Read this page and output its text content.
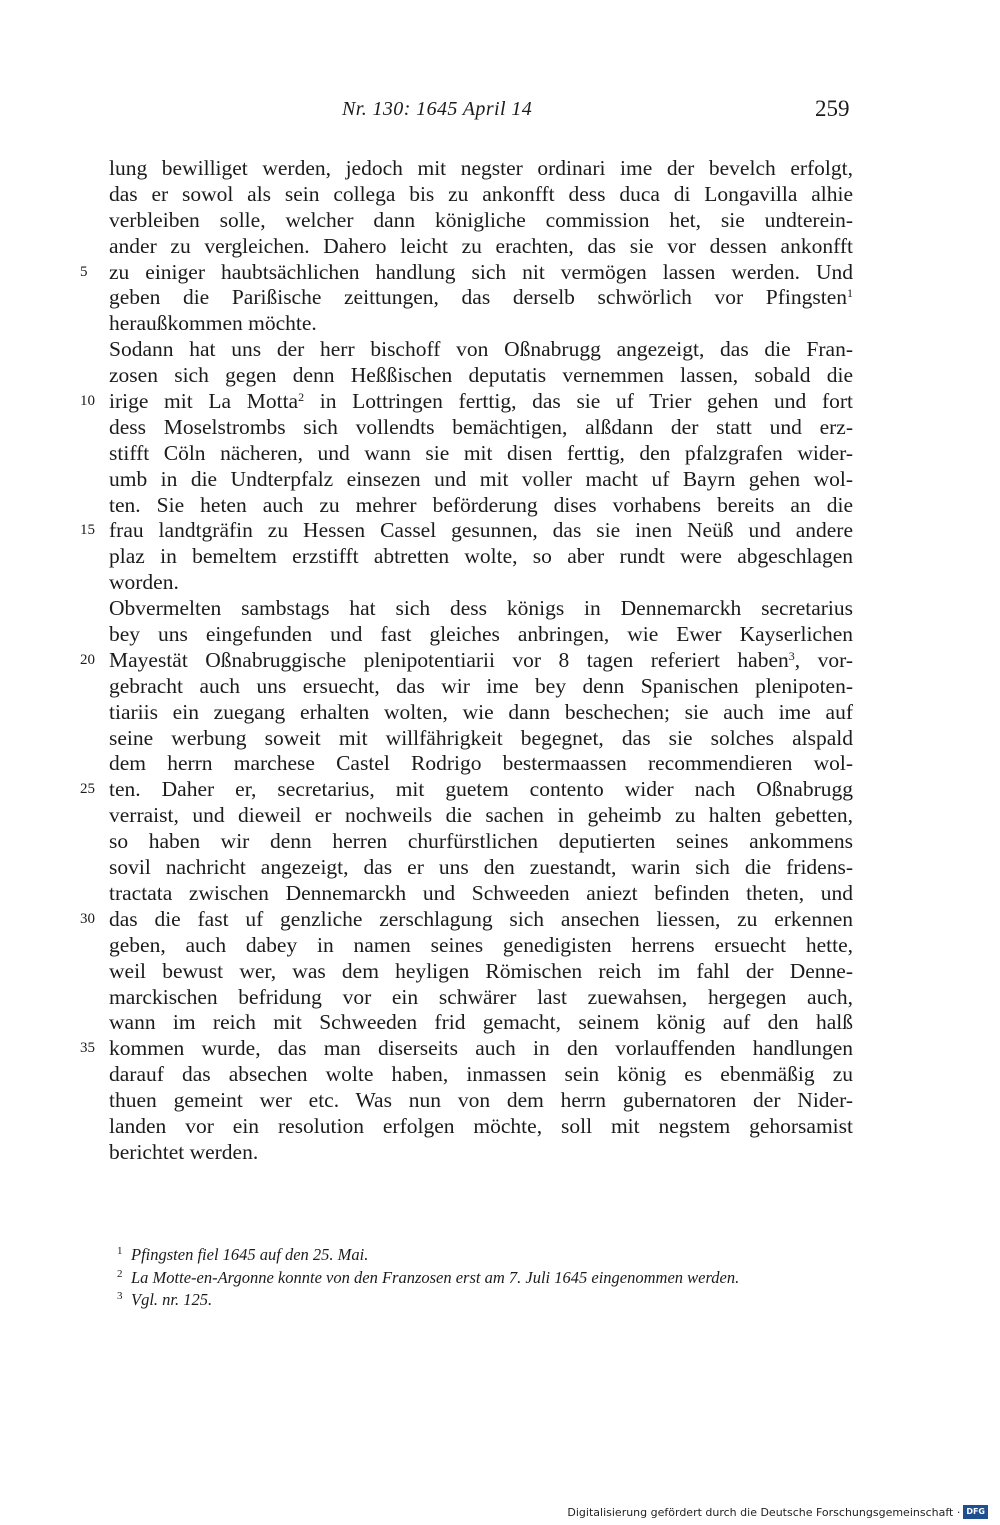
Nr. 130: 1645 April 14	259
lung bewilliget werden, jedoch mit negster ordinari ime der bevelch erfolgt,
das er sowol als sein collega bis zu ankonfft dess duca di Longavilla alhie
verbleiben solle, welcher dann königliche commission het, sie undterein-
ander zu vergleichen. Dahero leicht zu erachten, das sie vor dessen ankonfft
5	zu einiger haubtsächlichen handlung sich nit vermögen lassen werden. Und
geben die Parißische zeittungen, das derselb schwörlich vor Pfingsten$^1$
heraußkommen möchte.
Sodann hat uns der herr bischoff von Oßnabrugg angezeigt, das die Fran-
zosen sich gegen denn Heßßischen deputatis vernemmen lassen, sobald die
10 irige mit La Motta$^2$ in Lottringen ferttig, das sie uf Trier gehen und fort
dess Moselstrombs sich vollendts bemächtigen, alßdann der statt und erz-
stifft Cöln nächeren, und wann sie mit disen ferttig, den pfalzgrafen wider-
umb in die Undterpfalz einsezen und mit voller macht uf Bayrn gehen wol-
ten. Sie heten auch zu mehrer beförderung dises vorhabens bereits an die
15 frau landtgräfin zu Hessen Cassel gesunnen, das sie inen Neüß und andere
plaz in bemeltem erzstifft abtretten wolte, so aber rundt were abgeschlagen
worden.
Obvermelten sambstags hat sich dess königs in Dennemarckh secretarius
bey uns eingefunden und fast gleiches anbringen, wie Ewer Kayserlichen
20 Mayestät Oßnabruggische plenipotentiarii vor 8 tagen referiert haben$^3$, vor-
gebracht auch uns ersuecht, das wir ime bey denn Spanischen plenipoten-
tiariis ein zuegang erhalten wolten, wie dann beschechen; sie auch ime auf
seine werbung soweit mit willfährigkeit begegnet, das sie solches alspald
dem herrn marchese Castel Rodrigo bestermaassen recommendieren wol-
25 ten. Daher er, secretarius, mit guetem contento wider nach Oßnabrugg
verraist, und dieweil er nochweils die sachen in geheimb zu halten gebetten,
so haben wir denn herren churfürstlichen deputierten seines ankommens
sovil nachricht angezeigt, das er uns den zuestandt, warin sich die fridens-
tractata zwischen Dennemarckh und Schweeden aniezt befinden theten, und
30 das die fast uf genzliche zerschlagung sich ansechen liessen, zu erkennen
geben, auch dabey in namen seines genedigisten herrens ersuecht hette,
weil bewust wer, was dem heyligen Römischen reich im fahl der Denne-
marckischen befridung vor ein schwärer last zuewahsen, hergegen auch,
wann im reich mit Schweeden frid gemacht, seinem könig auf den halß
35 kommen wurde, das man diserseits auch in den vorlauffenden handlungen
darauf das absechen wolte haben, inmassen sein könig es ebenmäßig zu
thuen gemeint wer etc. Was nun von dem herrn gubernatoren der Nider-
landen vor ein resolution erfolgen möchte, soll mit negstem gehorsamist
berichtet werden.
1 Pfingsten fiel 1645 auf den 25. Mai.
2 La Motte-en-Argonne konnte von den Franzosen erst am 7. Juli 1645 eingenommen werden.
3 Vgl. nr. 125.
Digitalisierung gefördert durch die Deutsche Forschungsgemeinschaft · DFG
